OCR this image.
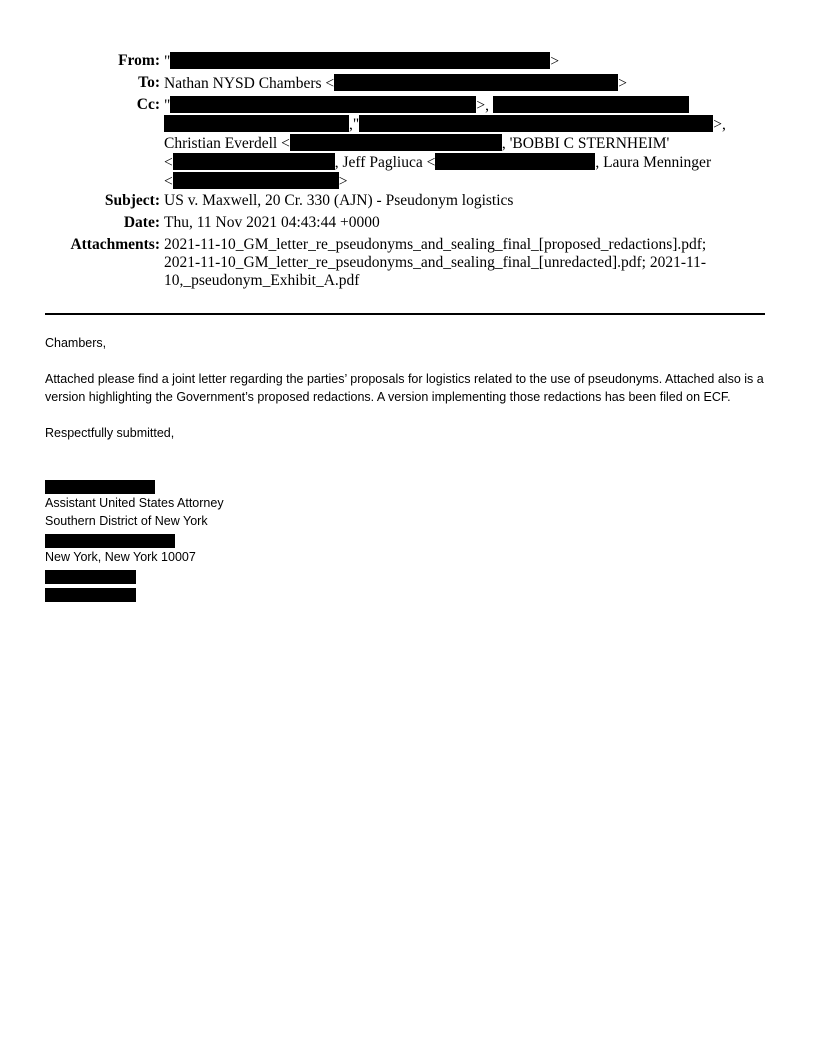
From: "	>
To: Nathan NYSD Chambers <	>
Cc: "	>,
,"	>,
Christian Everdell <	, 'BOBBI C STERNHEIM'
<	, Jeff Pagliuca <	, Laura Menninger
<	>
Subject: US v. Maxwell, 20 Cr. 330 (AJN) - Pseudonym logistics
Date: Thu, 11 Nov 2021 04:43:44 +0000
Attachments: 2021-11-10_GM_letter_re_pseudonyms_and_sealing_final_[proposed_redactions].pdf;
2021-11-10_GM_letter_re_pseudonyms_and_sealing_final_[unredacted].pdf; 2021-11-
10,_pseudonym_Exhibit_A.pdf

Chambers,

Attached please find a joint letter regarding the parties’ proposals for logistics related to the use of pseudonyms. Attached also is a version highlighting the Government’s proposed redactions. A version implementing those redactions has been filed on ECF.

Respectfully submitted,

Assistant United States Attorney
Southern District of New York
New York, New York 10007
